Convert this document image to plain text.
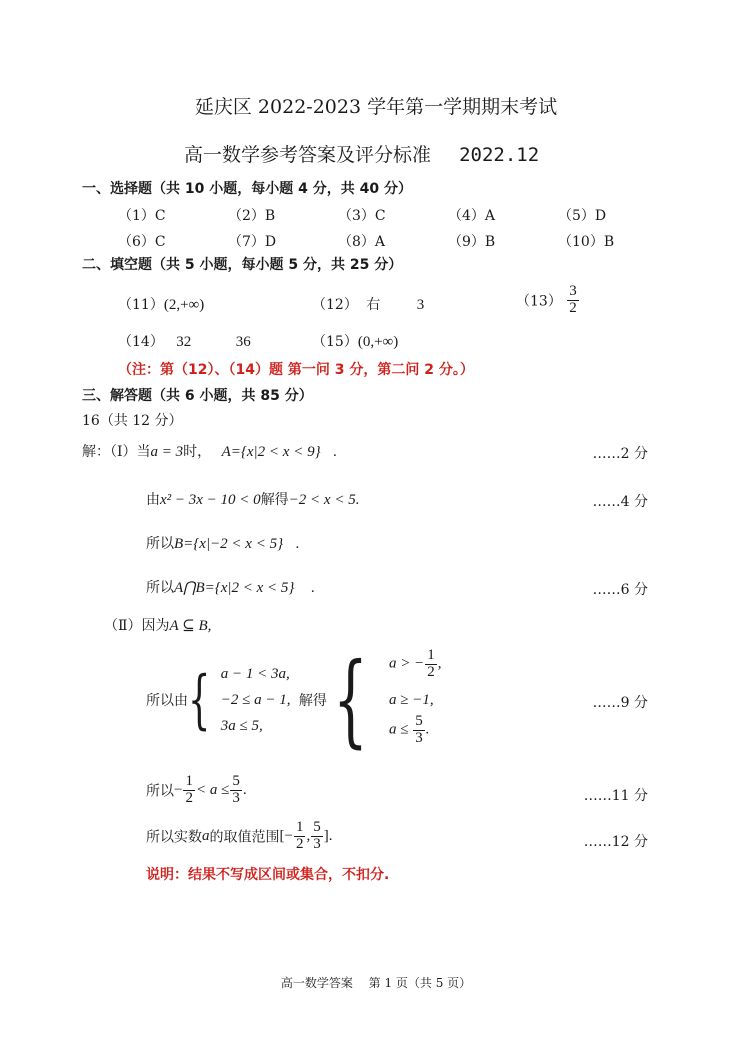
延庆区 2022-2023 学年第一学期期末考试
高一数学参考答案及评分标准 2022.12
一、选择题（共 10 小题，每小题 4 分，共 40 分）
（1）C	（2）B	（3）C	（4）A	（5）D
（6）C	（7）D	（8）A	（9）B	（10）B
二、填空题（共 5 小题，每小题 5 分，共 25 分）
（11）(2,+∞)	（12） 右 3	$(13) \frac{3}{2}$
（14） 32	36	（15）(0,+∞)
（注：第（12）、（14）题 第一问 3 分，第二问 2 分。）
三、解答题（共 6 小题，共 85 分）
16（共 12 分）
解：（Ⅰ）当a = 3时， A={x|2 < x < 9} .	……2 分
由x² − 3x − 10 < 0解得−2 < x < 5.	……4 分
所以B={x|−2 < x < 5} .
所以A⋂B={x|2 < x < 5} .	……6 分
（Ⅱ）因为A ⊆ B,
所以由{ a − 1 < 3a,
−2 ≤ a − 1,
3a ≤ 5,
解得 { a > − $\frac{1}{2}$ ,
a ≥ −1,
$a \le \frac{5}{3}$ .
……9 分
所以− $\frac{1}{2} < a \le \frac{5}{3}$ .	……11 分
所以实数a的取值范围[− $\frac{1}{2}$ , $\frac{5}{3}$ ].	……12 分
说明：结果不写成区间或集合，不扣分.
高一数学答案　 第 1 页（共 5 页）
